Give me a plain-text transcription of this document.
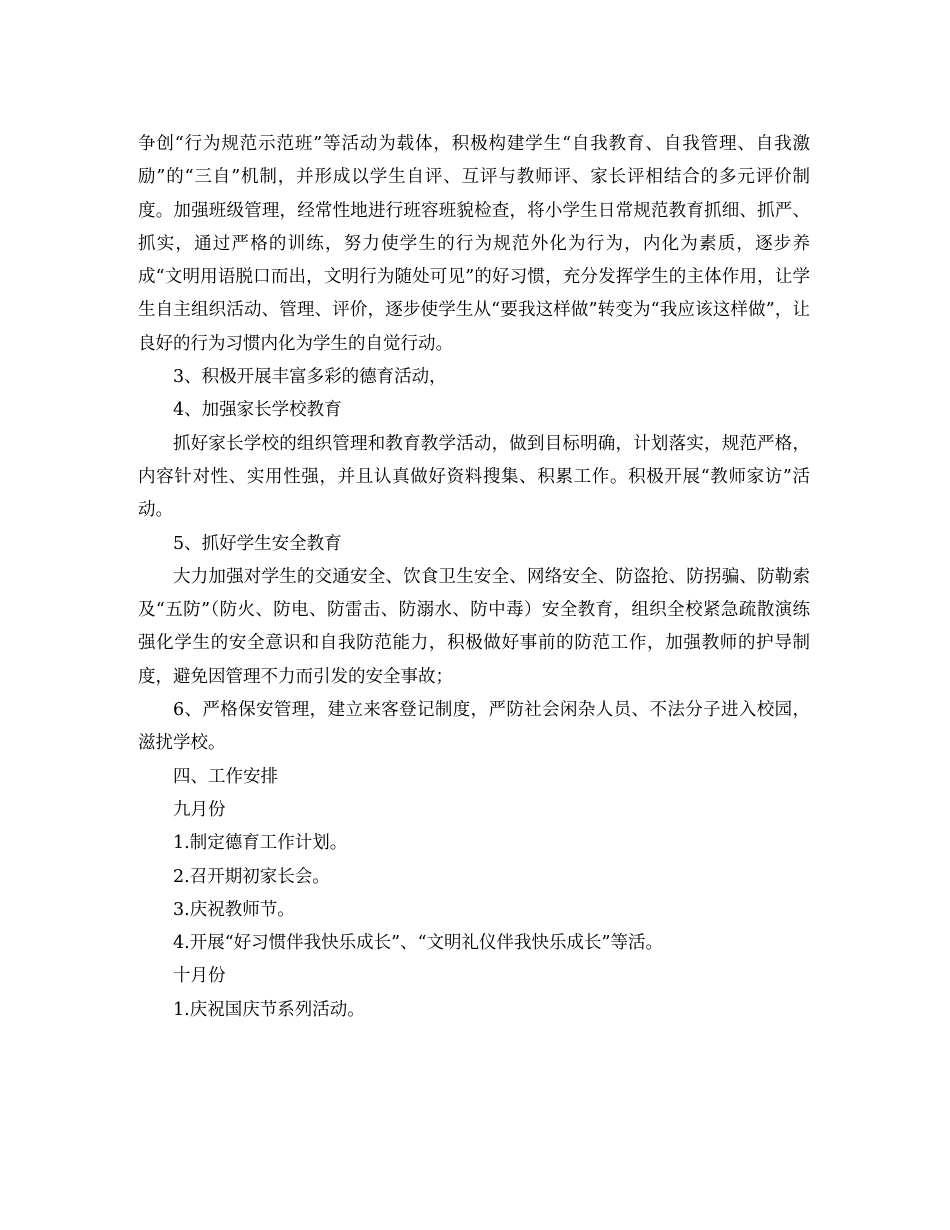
争创“行为规范示范班”等活动为载体，积极构建学生“自我教育、自我管理、自我激励”的“三自”机制，并形成以学生自评、互评与教师评、家长评相结合的多元评价制度。加强班级管理，经常性地进行班容班貌检查，将小学生日常规范教育抓细、抓严、抓实，通过严格的训练，努力使学生的行为规范外化为行为，内化为素质，逐步养成“文明用语脱口而出，文明行为随处可见”的好习惯，充分发挥学生的主体作用，让学生自主组织活动、管理、评价，逐步使学生从“要我这样做”转变为“我应该这样做”，让良好的行为习惯内化为学生的自觉行动。

3、积极开展丰富多彩的德育活动，

4、加强家长学校教育

抓好家长学校的组织管理和教育教学活动，做到目标明确，计划落实，规范严格，内容针对性、实用性强，并且认真做好资料搜集、积累工作。积极开展“教师家访”活动。

5、抓好学生安全教育

大力加强对学生的交通安全、饮食卫生安全、网络安全、防盗抢、防拐骗、防勒索及“五防”（防火、防电、防雷击、防溺水、防中毒）安全教育，组织全校紧急疏散演练强化学生的安全意识和自我防范能力，积极做好事前的防范工作，加强教师的护导制度，避免因管理不力而引发的安全事故；

6、严格保安管理，建立来客登记制度，严防社会闲杂人员、不法分子进入校园，滋扰学校。

四、工作安排

九月份

1.制定德育工作计划。

2.召开期初家长会。

3.庆祝教师节。

4.开展“好习惯伴我快乐成长”、“文明礼仪伴我快乐成长”等活。

十月份

1.庆祝国庆节系列活动。
